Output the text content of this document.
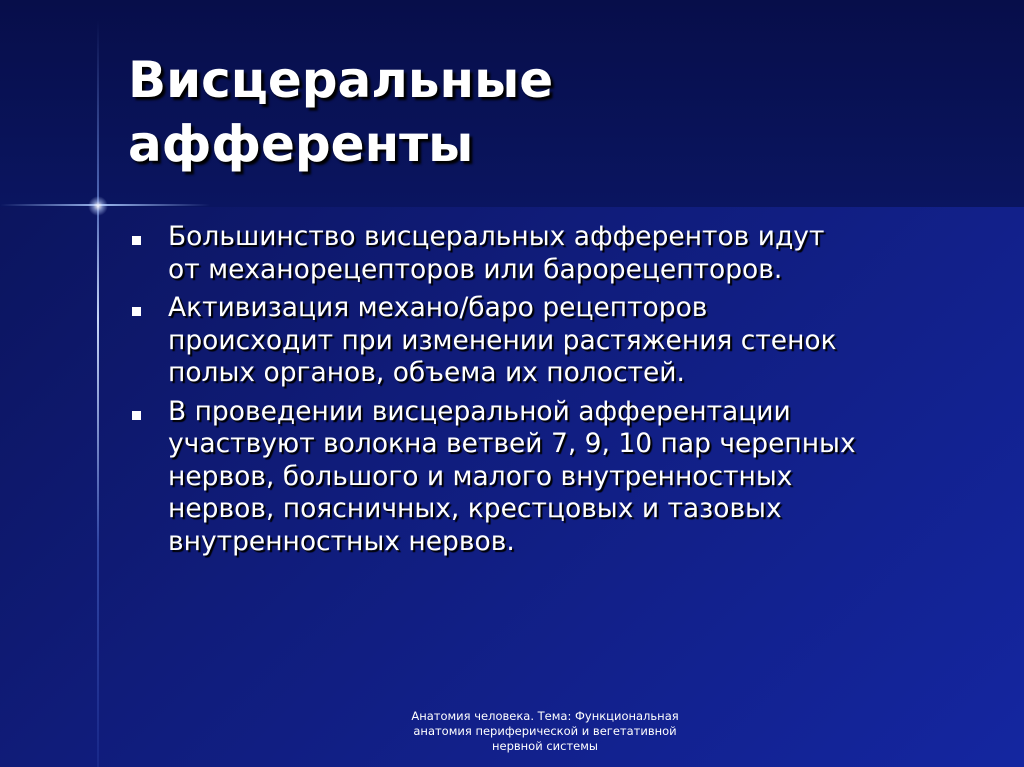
Висцеральные
афференты
Большинство висцеральных афферентов идут
от механорецепторов или барорецепторов.
Активизация механо/баро рецепторов
происходит при изменении растяжения стенок
полых органов, объема их полостей.
В проведении висцеральной афферентации
участвуют волокна ветвей 7, 9, 10 пар черепных
нервов, большого и малого внутренностных
нервов, поясничных, крестцовых и тазовых
внутренностных нервов.
Анатомия человека. Тема: Функциональная
анатомия периферической и вегетативной
нервной системы
